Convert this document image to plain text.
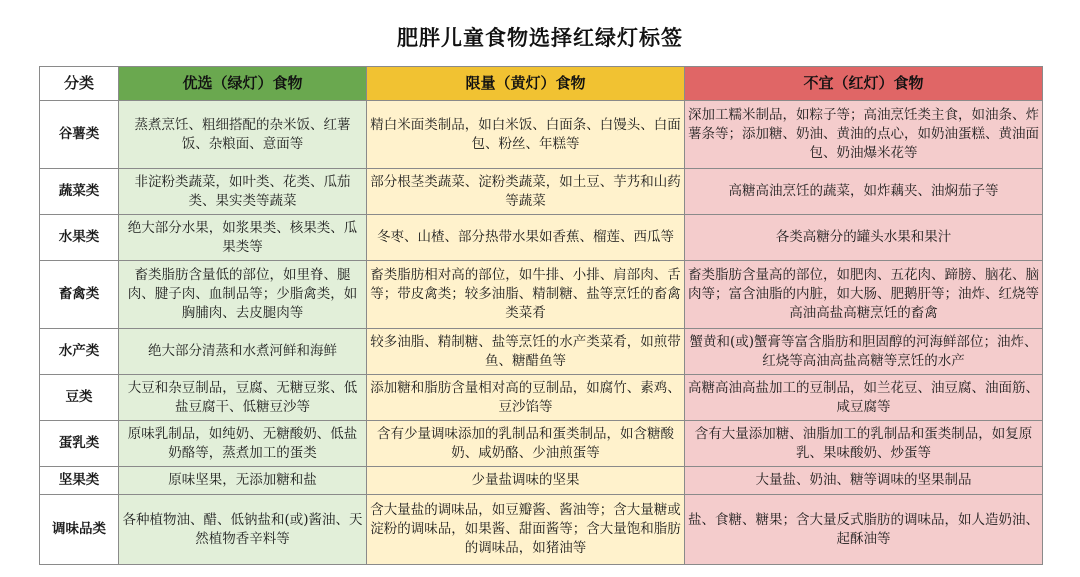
肥胖儿童食物选择红绿灯标签
分类	优选（绿灯）食物	限量（黄灯）食物	不宜（红灯）食物
谷薯类	蒸煮烹饪、粗细搭配的杂米饭、红薯饭、杂粮面、意面等	精白米面类制品，如白米饭、白面条、白馒头、白面包、粉丝、年糕等	深加工糯米制品，如粽子等；高油烹饪类主食，如油条、炸薯条等；添加糖、奶油、黄油的点心，如奶油蛋糕、黄油面包、奶油爆米花等
蔬菜类	非淀粉类蔬菜，如叶类、花类、瓜茄类、果实类等蔬菜	部分根茎类蔬菜、淀粉类蔬菜，如土豆、芋艿和山药等蔬菜	高糖高油烹饪的蔬菜，如炸藕夹、油焖茄子等
水果类	绝大部分水果，如浆果类、核果类、瓜果类等	冬枣、山楂、部分热带水果如香蕉、榴莲、西瓜等	各类高糖分的罐头水果和果汁
畜禽类	畜类脂肪含量低的部位，如里脊、腿肉、腱子肉、血制品等；少脂禽类，如胸脯肉、去皮腿肉等	畜类脂肪相对高的部位，如牛排、小排、肩部肉、舌等；带皮禽类；较多油脂、精制糖、盐等烹饪的畜禽类菜肴	畜类脂肪含量高的部位，如肥肉、五花肉、蹄膀、脑花、脑肉等；富含油脂的内脏，如大肠、肥鹅肝等；油炸、红烧等高油高盐高糖烹饪的畜禽
水产类	绝大部分清蒸和水煮河鲜和海鲜	较多油脂、精制糖、盐等烹饪的水产类菜肴，如煎带鱼、糖醋鱼等	蟹黄和(或)蟹膏等富含脂肪和胆固醇的河海鲜部位；油炸、红烧等高油高盐高糖等烹饪的水产
豆类	大豆和杂豆制品，豆腐、无糖豆浆、低盐豆腐干、低糖豆沙等	添加糖和脂肪含量相对高的豆制品，如腐竹、素鸡、豆沙馅等	高糖高油高盐加工的豆制品，如兰花豆、油豆腐、油面筋、咸豆腐等
蛋乳类	原味乳制品，如纯奶、无糖酸奶、低盐奶酪等，蒸煮加工的蛋类	含有少量调味添加的乳制品和蛋类制品，如含糖酸奶、咸奶酪、少油煎蛋等	含有大量添加糖、油脂加工的乳制品和蛋类制品，如复原乳、果味酸奶、炒蛋等
坚果类	原味坚果，无添加糖和盐	少量盐调味的坚果	大量盐、奶油、糖等调味的坚果制品
调味品类	各种植物油、醋、低钠盐和(或)酱油、天然植物香辛料等	含大量盐的调味品，如豆瓣酱、酱油等；含大量糖或淀粉的调味品，如果酱、甜面酱等；含大量饱和脂肪的调味品，如猪油等	盐、食糖、糖果；含大量反式脂肪的调味品，如人造奶油、起酥油等
